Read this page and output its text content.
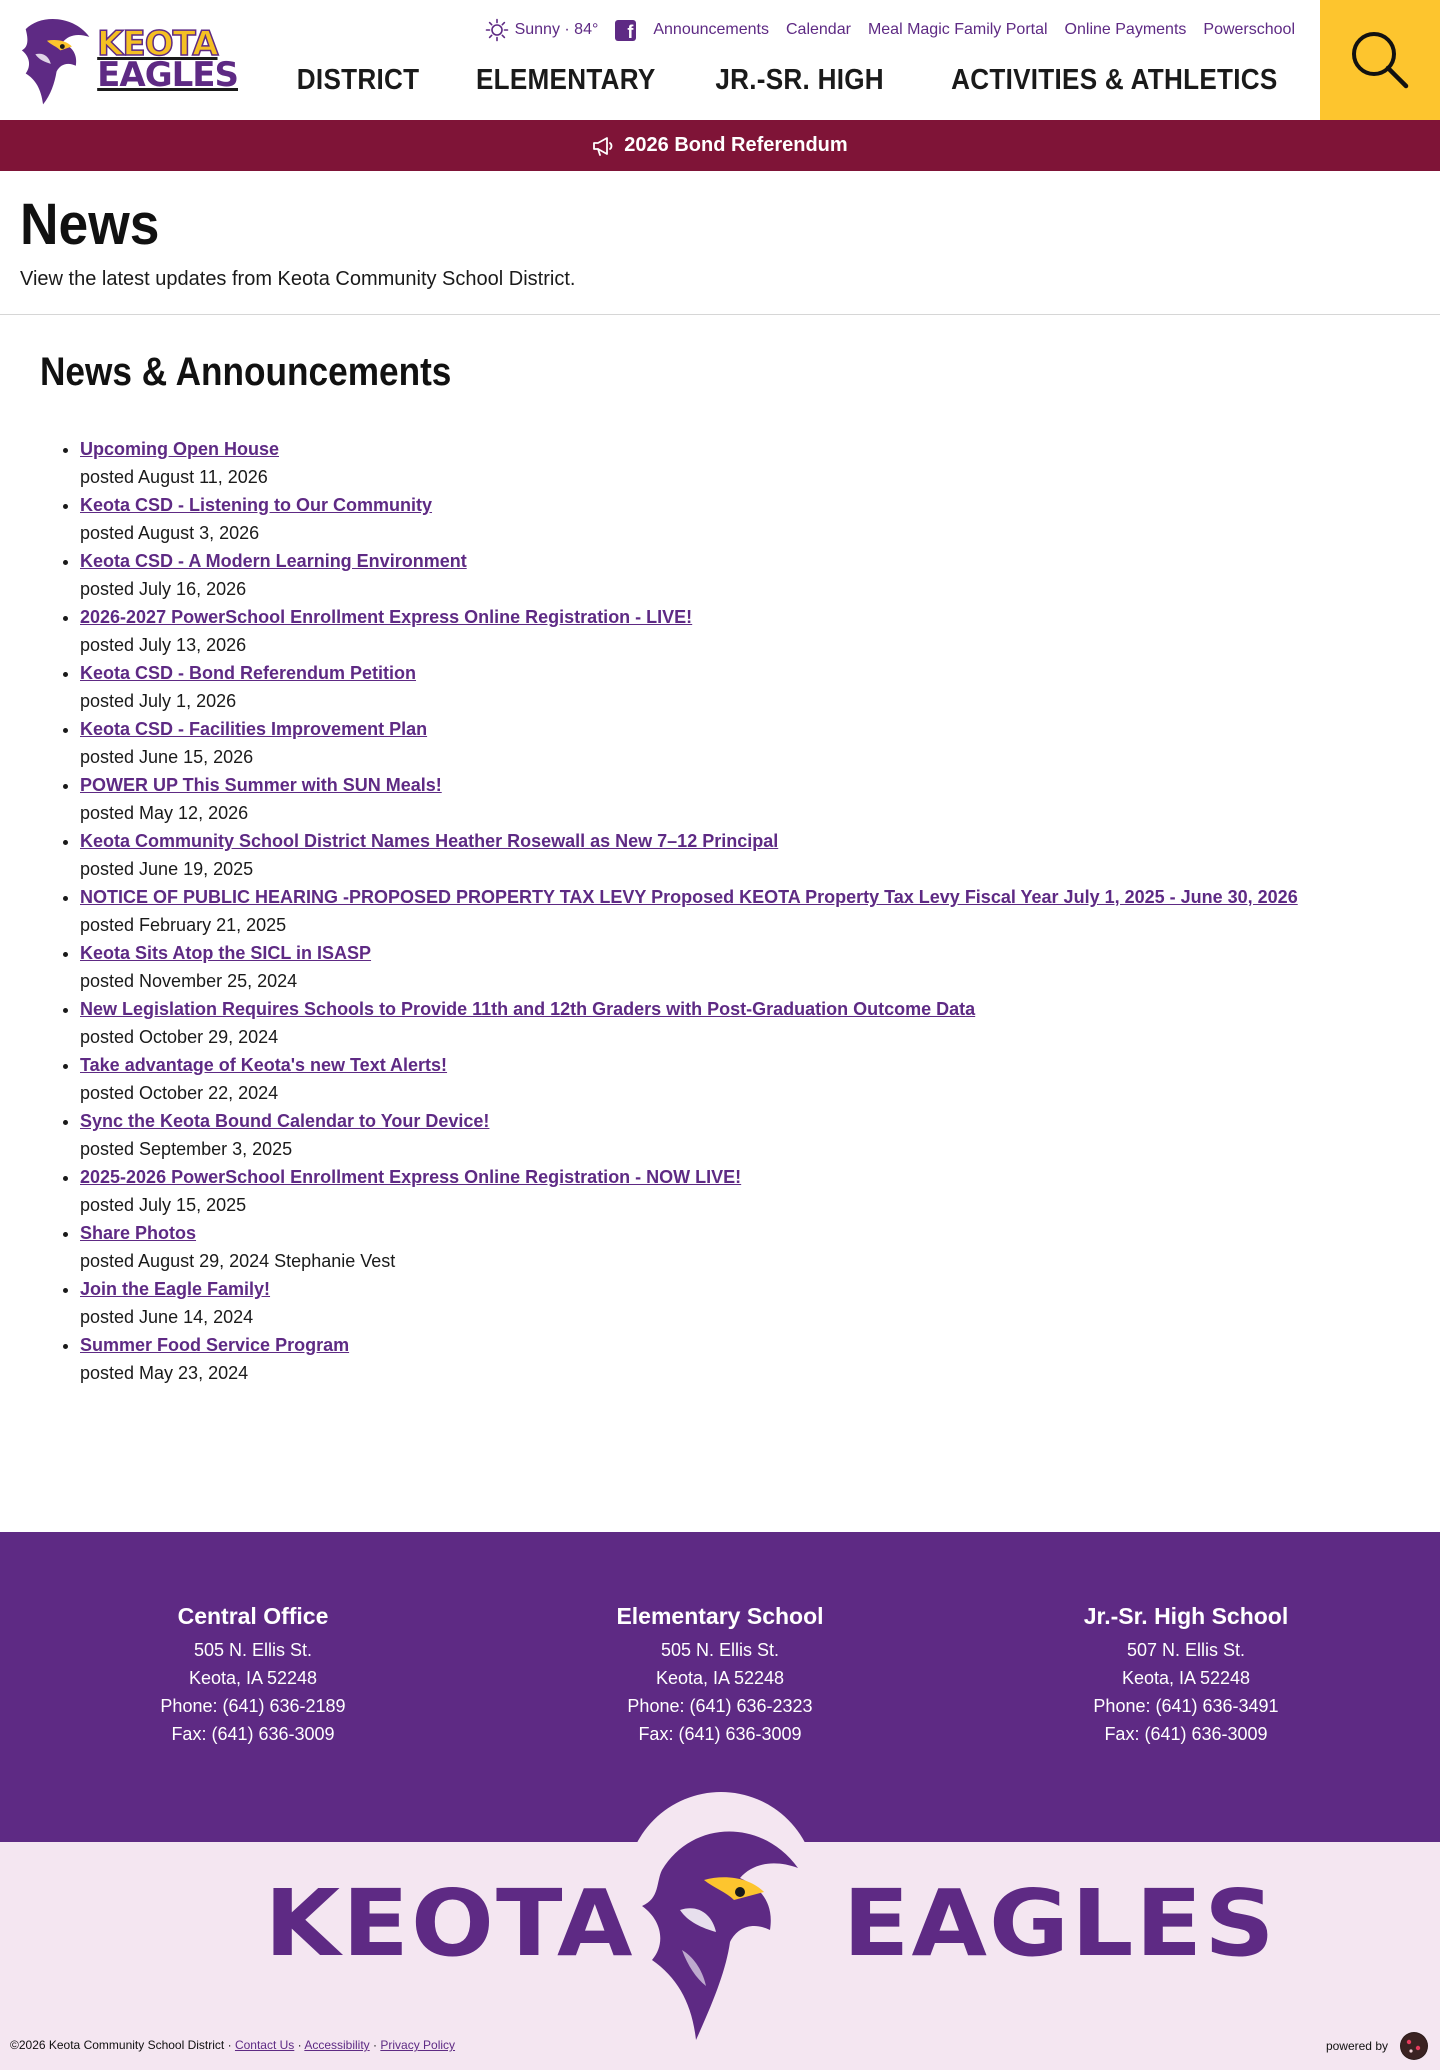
KEOTA
EAGLES
Sunny · 84°	f Announcements Calendar Meal Magic Family Portal Online Payments Powerschool
DISTRICT ELEMENTARY JR.-SR. HIGH ACTIVITIES & ATHLETICS
2026 Bond Referendum
News

View the latest updates from Keota Community School District.

News & Announcements
• Upcoming Open House
posted August 11, 2026
• Keota CSD - Listening to Our Community
posted August 3, 2026
• Keota CSD - A Modern Learning Environment
posted July 16, 2026
• 2026-2027 PowerSchool Enrollment Express Online Registration - LIVE!
posted July 13, 2026
• Keota CSD - Bond Referendum Petition
posted July 1, 2026
• Keota CSD - Facilities Improvement Plan
posted June 15, 2026
• POWER UP This Summer with SUN Meals!
posted May 12, 2026
• Keota Community School District Names Heather Rosewall as New 7–12 Principal
posted June 19, 2025
• NOTICE OF PUBLIC HEARING -PROPOSED PROPERTY TAX LEVY Proposed KEOTA Property Tax Levy Fiscal Year July 1, 2025 - June 30, 2026
posted February 21, 2025
• Keota Sits Atop the SICL in ISASP
posted November 25, 2024
• New Legislation Requires Schools to Provide 11th and 12th Graders with Post-Graduation Outcome Data
posted October 29, 2024
• Take advantage of Keota's new Text Alerts!
posted October 22, 2024
• Sync the Keota Bound Calendar to Your Device!
posted September 3, 2025
• 2025-2026 PowerSchool Enrollment Express Online Registration - NOW LIVE!
posted July 15, 2025
• Share Photos
posted August 29, 2024 Stephanie Vest
• Join the Eagle Family!
posted June 14, 2024
• Summer Food Service Program
posted May 23, 2024
Central Office
505 N. Ellis St.
Keota, IA 52248
Phone: (641) 636-2189
Fax: (641) 636-3009
Elementary School
505 N. Ellis St.
Keota, IA 52248
Phone: (641) 636-2323
Fax: (641) 636-3009
Jr.-Sr. High School
507 N. Ellis St.
Keota, IA 52248
Phone: (641) 636-3491
Fax: (641) 636-3009
KEOTA EAGLES
©2026 Keota Community School District · Contact Us · Accessibility · Privacy Policy	powered by
